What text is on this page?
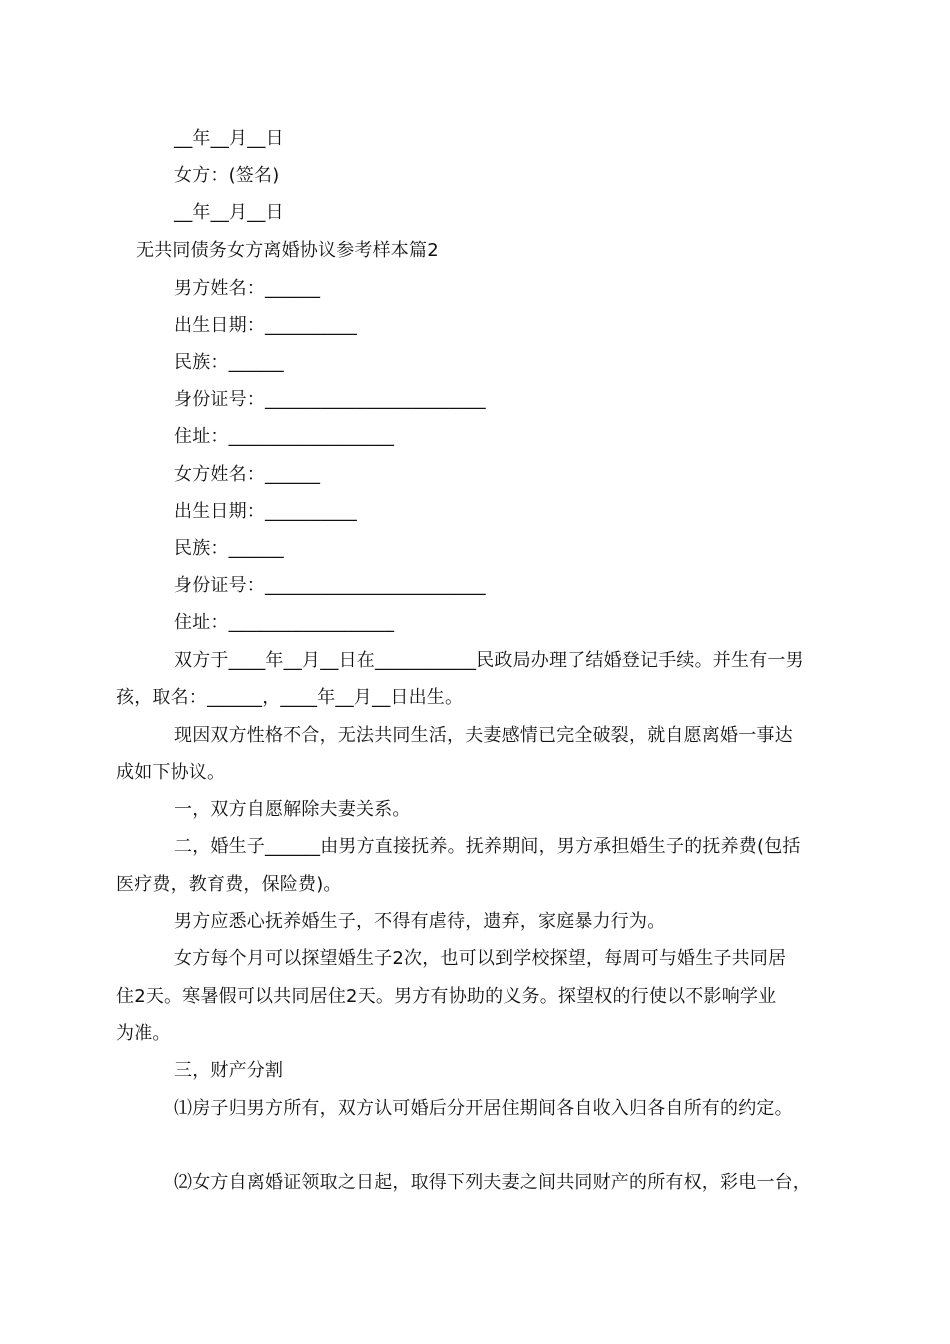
__年__月__日
女方：(签名)
__年__月__日
无共同债务女方离婚协议参考样本篇2
男方姓名：______
出生日期：__________
民族：______
身份证号：________________________
住址：__________________
女方姓名：______
出生日期：__________
民族：______
身份证号：________________________
住址：__________________
双方于____年__月__日在___________民政局办理了结婚登记手续。并生有一男
孩，取名：______，____年__月__日出生。
现因双方性格不合，无法共同生活，夫妻感情已完全破裂，就自愿离婚一事达
成如下协议。
一，双方自愿解除夫妻关系。
二，婚生子______由男方直接抚养。抚养期间，男方承担婚生子的抚养费(包括
医疗费，教育费，保险费)。
男方应悉心抚养婚生子，不得有虐待，遗弃，家庭暴力行为。
女方每个月可以探望婚生子2次，也可以到学校探望，每周可与婚生子共同居
住2天。寒暑假可以共同居住2天。男方有协助的义务。探望权的行使以不影响学业
为准。
三，财产分割
⑴房子归男方所有，双方认可婚后分开居住期间各自收入归各自所有的约定。
⑵女方自离婚证领取之日起，取得下列夫妻之间共同财产的所有权，彩电一台，
